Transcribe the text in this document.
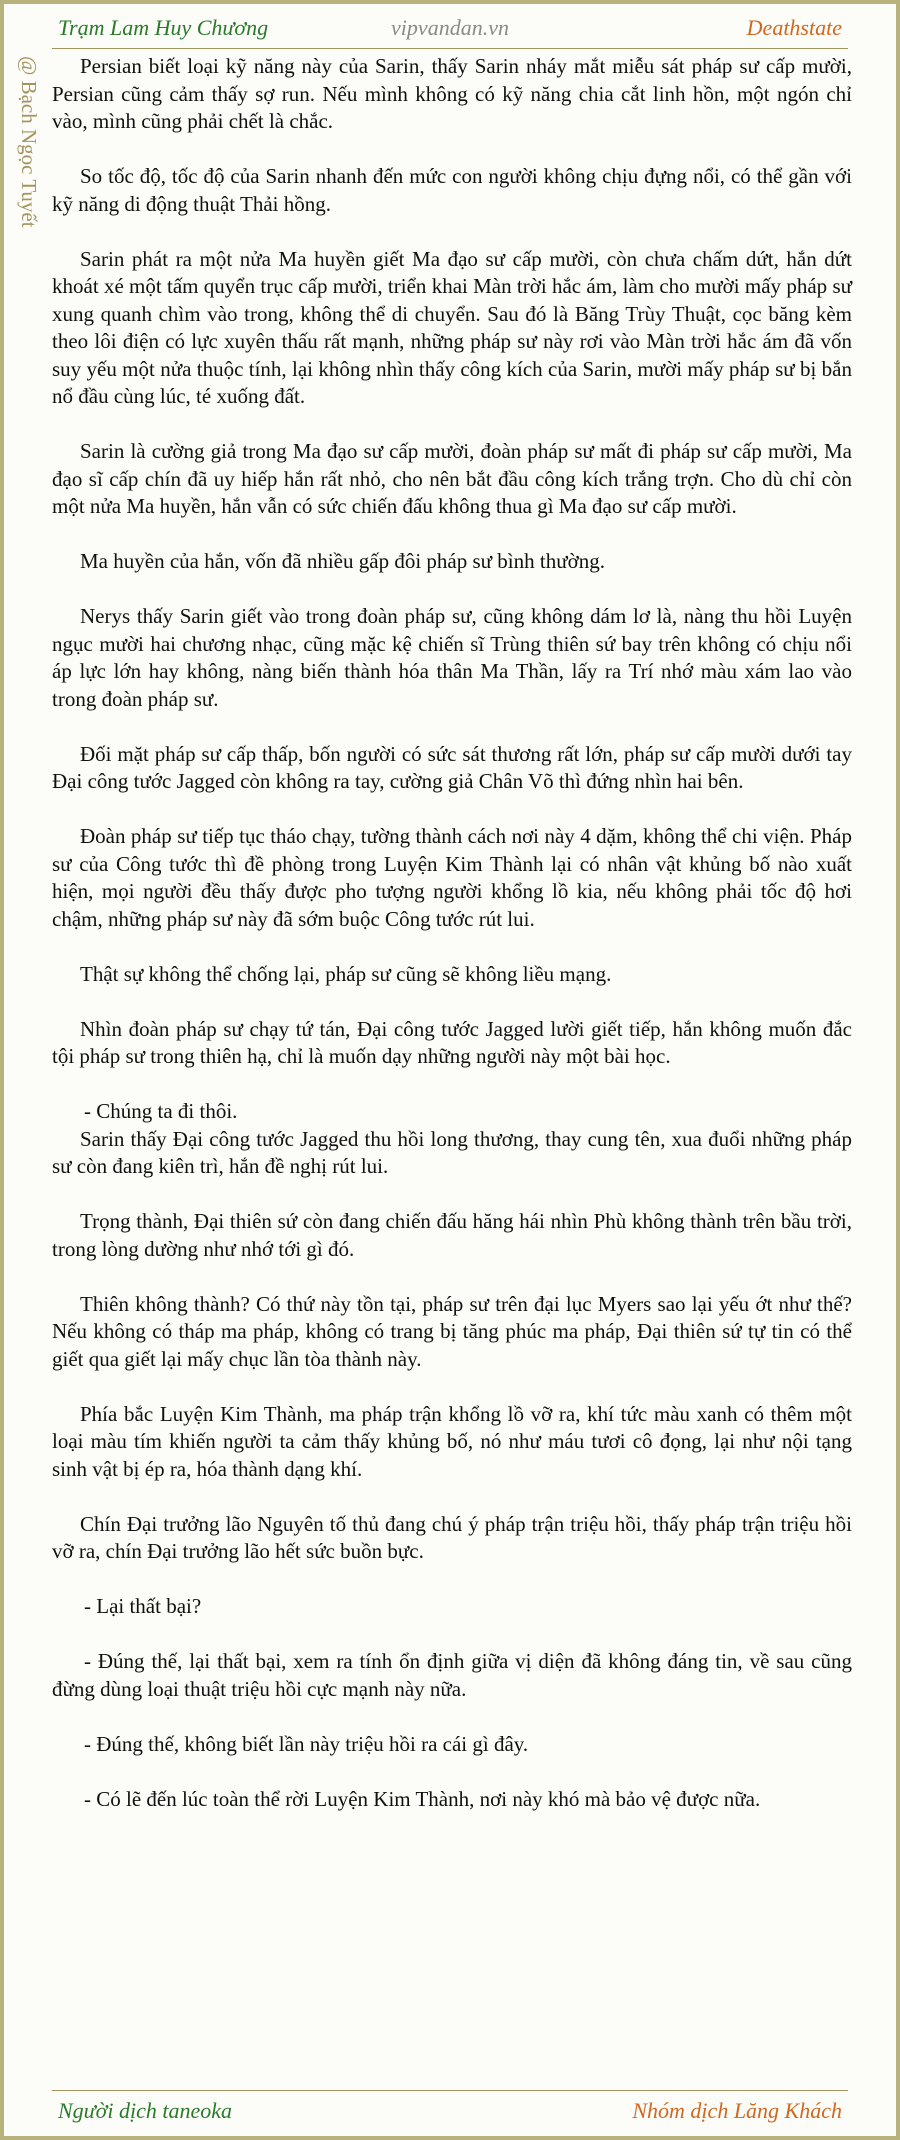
Trạm Lam Huy Chương	vipvandan.vn	Deathstate
@ Bạch Ngọc Tuyết	Persian biết loại kỹ năng này của Sarin, thấy Sarin nháy mắt miễu sát pháp sư cấp mười, Persian cũng cảm thấy sợ run. Nếu mình không có kỹ năng chia cắt linh hồn, một ngón chỉ vào, mình cũng phải chết là chắc.

So tốc độ, tốc độ của Sarin nhanh đến mức con người không chịu đựng nổi, có thể gần với kỹ năng di động thuật Thải hồng.

Sarin phát ra một nửa Ma huyền giết Ma đạo sư cấp mười, còn chưa chấm dứt, hắn dứt khoát xé một tấm quyển trục cấp mười, triển khai Màn trời hắc ám, làm cho mười mấy pháp sư xung quanh chìm vào trong, không thể di chuyển. Sau đó là Băng Trùy Thuật, cọc băng kèm theo lôi điện có lực xuyên thấu rất mạnh, những pháp sư này rơi vào Màn trời hắc ám đã vốn suy yếu một nửa thuộc tính, lại không nhìn thấy công kích của Sarin, mười mấy pháp sư bị bắn nổ đầu cùng lúc, té xuống đất.

Sarin là cường giả trong Ma đạo sư cấp mười, đoàn pháp sư mất đi pháp sư cấp mười, Ma đạo sĩ cấp chín đã uy hiếp hắn rất nhỏ, cho nên bắt đầu công kích trắng trợn. Cho dù chỉ còn một nửa Ma huyền, hắn vẫn có sức chiến đấu không thua gì Ma đạo sư cấp mười.

Ma huyền của hắn, vốn đã nhiều gấp đôi pháp sư bình thường.

Nerys thấy Sarin giết vào trong đoàn pháp sư, cũng không dám lơ là, nàng thu hồi Luyện ngục mười hai chương nhạc, cũng mặc kệ chiến sĩ Trùng thiên sứ bay trên không có chịu nổi áp lực lớn hay không, nàng biến thành hóa thân Ma Thần, lấy ra Trí nhớ màu xám lao vào trong đoàn pháp sư.

Đối mặt pháp sư cấp thấp, bốn người có sức sát thương rất lớn, pháp sư cấp mười dưới tay Đại công tước Jagged còn không ra tay, cường giả Chân Võ thì đứng nhìn hai bên.

Đoàn pháp sư tiếp tục tháo chạy, tường thành cách nơi này 4 dặm, không thể chi viện. Pháp sư của Công tước thì đề phòng trong Luyện Kim Thành lại có nhân vật khủng bố nào xuất hiện, mọi người đều thấy được pho tượng người khổng lồ kia, nếu không phải tốc độ hơi chậm, những pháp sư này đã sớm buộc Công tước rút lui.

Thật sự không thể chống lại, pháp sư cũng sẽ không liều mạng.

Nhìn đoàn pháp sư chạy tứ tán, Đại công tước Jagged lười giết tiếp, hắn không muốn đắc tội pháp sư trong thiên hạ, chỉ là muốn dạy những người này một bài học.

- Chúng ta đi thôi.

Sarin thấy Đại công tước Jagged thu hồi long thương, thay cung tên, xua đuổi những pháp sư còn đang kiên trì, hắn đề nghị rút lui.

Trọng thành, Đại thiên sứ còn đang chiến đấu hăng hái nhìn Phù không thành trên bầu trời, trong lòng dường như nhớ tới gì đó.

Thiên không thành? Có thứ này tồn tại, pháp sư trên đại lục Myers sao lại yếu ớt như thế? Nếu không có tháp ma pháp, không có trang bị tăng phúc ma pháp, Đại thiên sứ tự tin có thể giết qua giết lại mấy chục lần tòa thành này.

Phía bắc Luyện Kim Thành, ma pháp trận khổng lồ vỡ ra, khí tức màu xanh có thêm một loại màu tím khiến người ta cảm thấy khủng bố, nó như máu tươi cô đọng, lại như nội tạng sinh vật bị ép ra, hóa thành dạng khí.

Chín Đại trưởng lão Nguyên tố thủ đang chú ý pháp trận triệu hồi, thấy pháp trận triệu hồi vỡ ra, chín Đại trưởng lão hết sức buồn bực.

- Lại thất bại?

- Đúng thế, lại thất bại, xem ra tính ổn định giữa vị diện đã không đáng tin, về sau cũng đừng dùng loại thuật triệu hồi cực mạnh này nữa.

- Đúng thế, không biết lần này triệu hồi ra cái gì đây.

- Có lẽ đến lúc toàn thể rời Luyện Kim Thành, nơi này khó mà bảo vệ được nữa.

Người dịch taneoka	Nhóm dịch Lăng Khách
